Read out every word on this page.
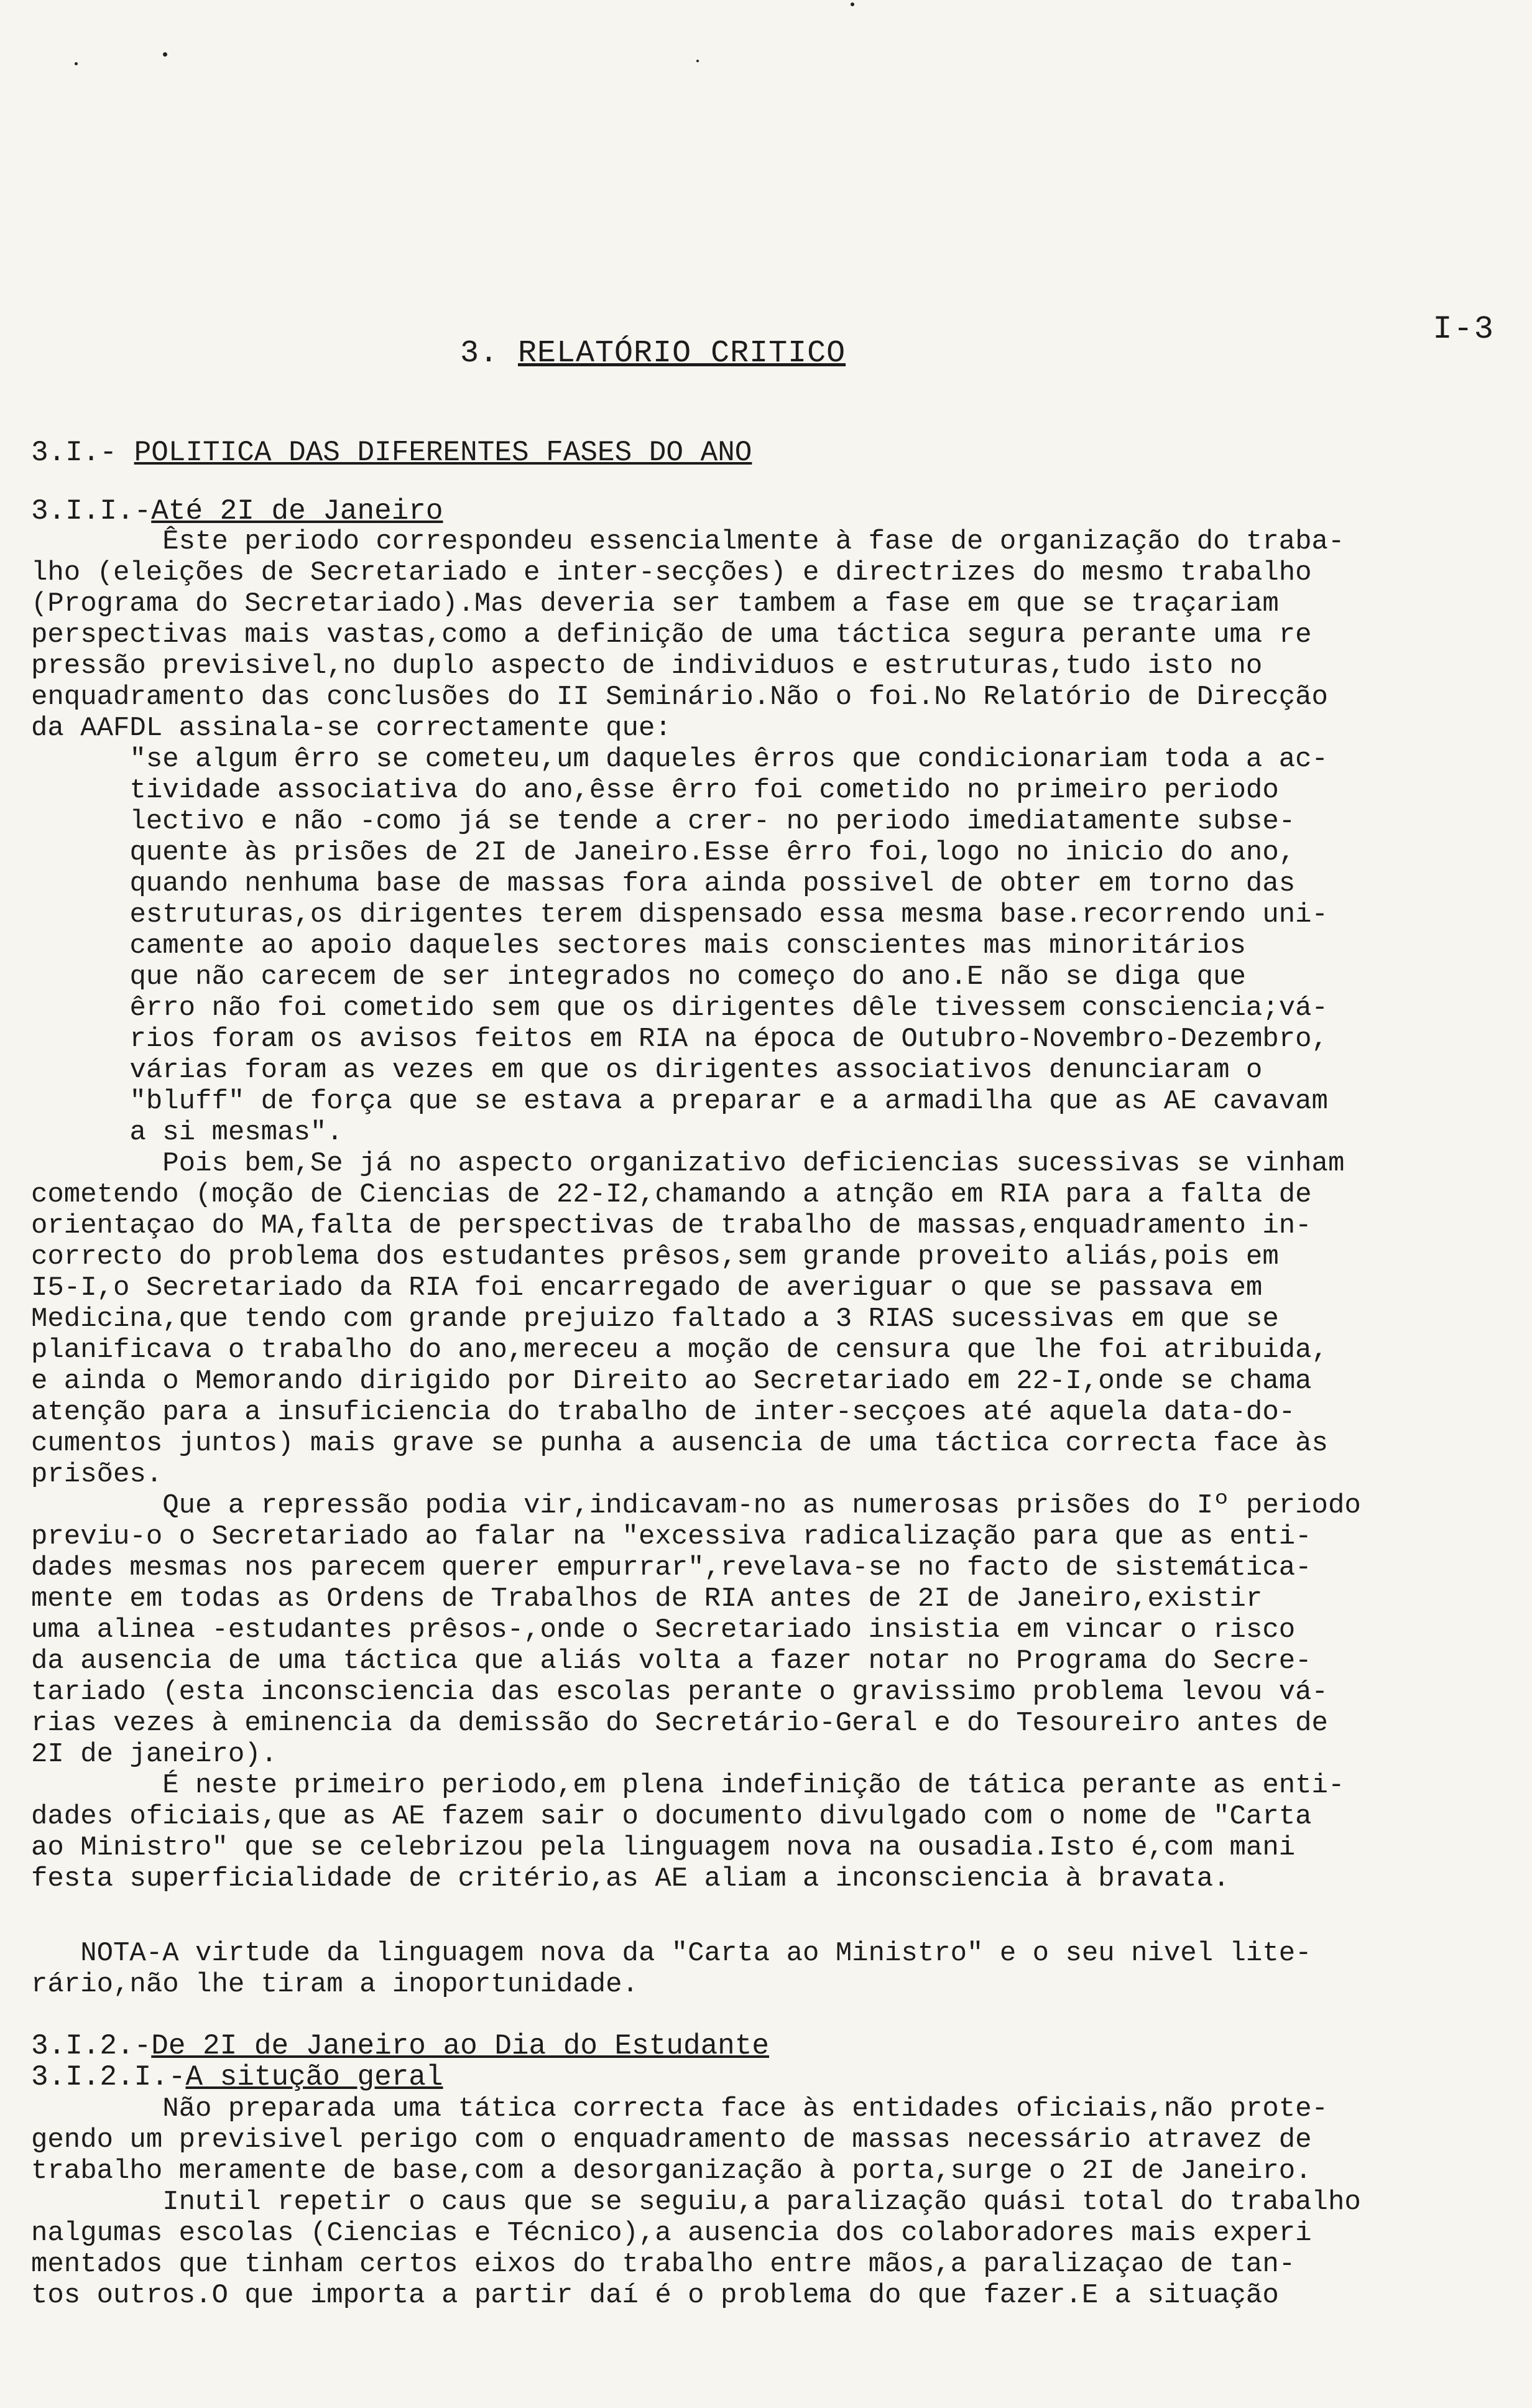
I-3
3. RELATÓRIO CRITICO
3.I.- POLITICA DAS DIFERENTES FASES DO ANO
3.I.I.-Até 2I de Janeiro
Êste periodo correspondeu essencialmente à fase de organização do traba-
lho (eleições de Secretariado e inter-secções) e directrizes do mesmo trabalho
(Programa do Secretariado).Mas deveria ser tambem a fase em que se traçariam
perspectivas mais vastas,como a definição de uma táctica segura perante uma re
pressão previsivel,no duplo aspecto de individuos e estruturas,tudo isto no
enquadramento das conclusões do II Seminário.Não o foi.No Relatório de Direcção
da AAFDL assinala-se correctamente que:
"se algum êrro se cometeu,um daqueles êrros que condicionariam toda a ac-
tividade associativa do ano,êsse êrro foi cometido no primeiro periodo
lectivo e não -como já se tende a crer- no periodo imediatamente subse-
quente às prisões de 2I de Janeiro.Esse êrro foi,logo no inicio do ano,
quando nenhuma base de massas fora ainda possivel de obter em torno das
estruturas,os dirigentes terem dispensado essa mesma base.recorrendo uni-
camente ao apoio daqueles sectores mais conscientes mas minoritários
que não carecem de ser integrados no começo do ano.E não se diga que
êrro não foi cometido sem que os dirigentes dêle tivessem consciencia;vá-
rios foram os avisos feitos em RIA na época de Outubro-Novembro-Dezembro,
várias foram as vezes em que os dirigentes associativos denunciaram o
"bluff" de força que se estava a preparar e a armadilha que as AE cavavam
a si mesmas".
Pois bem,Se já no aspecto organizativo deficiencias sucessivas se vinham
cometendo (moção de Ciencias de 22-I2,chamando a atnção em RIA para a falta de
orientaçao do MA,falta de perspectivas de trabalho de massas,enquadramento in-
correcto do problema dos estudantes prêsos,sem grande proveito aliás,pois em
I5-I,o Secretariado da RIA foi encarregado de averiguar o que se passava em
Medicina,que tendo com grande prejuizo faltado a 3 RIAS sucessivas em que se
planificava o trabalho do ano,mereceu a moção de censura que lhe foi atribuida,
e ainda o Memorando dirigido por Direito ao Secretariado em 22-I,onde se chama
atenção para a insuficiencia do trabalho de inter-secçoes até aquela data-do-
cumentos juntos) mais grave se punha a ausencia de uma táctica correcta face às
prisões.
Que a repressão podia vir,indicavam-no as numerosas prisões do Iº periodo
previu-o o Secretariado ao falar na "excessiva radicalização para que as enti-
dades mesmas nos parecem querer empurrar",revelava-se no facto de sistemática-
mente em todas as Ordens de Trabalhos de RIA antes de 2I de Janeiro,existir
uma alinea -estudantes prêsos-,onde o Secretariado insistia em vincar o risco
da ausencia de uma táctica que aliás volta a fazer notar no Programa do Secre-
tariado (esta inconsciencia das escolas perante o gravissimo problema levou vá-
rias vezes à eminencia da demissão do Secretário-Geral e do Tesoureiro antes de
2I de janeiro).
É neste primeiro periodo,em plena indefinição de tática perante as enti-
dades oficiais,que as AE fazem sair o documento divulgado com o nome de "Carta
ao Ministro" que se celebrizou pela linguagem nova na ousadia.Isto é,com mani
festa superficialidade de critério,as AE aliam a inconsciencia à bravata.
NOTA-A virtude da linguagem nova da "Carta ao Ministro" e o seu nivel lite-
rário,não lhe tiram a inoportunidade.
3.I.2.-De 2I de Janeiro ao Dia do Estudante
3.I.2.I.-A situção geral
Não preparada uma tática correcta face às entidades oficiais,não prote-
gendo um previsivel perigo com o enquadramento de massas necessário atravez de
trabalho meramente de base,com a desorganização à porta,surge o 2I de Janeiro.
Inutil repetir o caus que se seguiu,a paralização quási total do trabalho
nalgumas escolas (Ciencias e Técnico),a ausencia dos colaboradores mais experi
mentados que tinham certos eixos do trabalho entre mãos,a paralizaçao de tan-
tos outros.O que importa a partir daí é o problema do que fazer.E a situação
